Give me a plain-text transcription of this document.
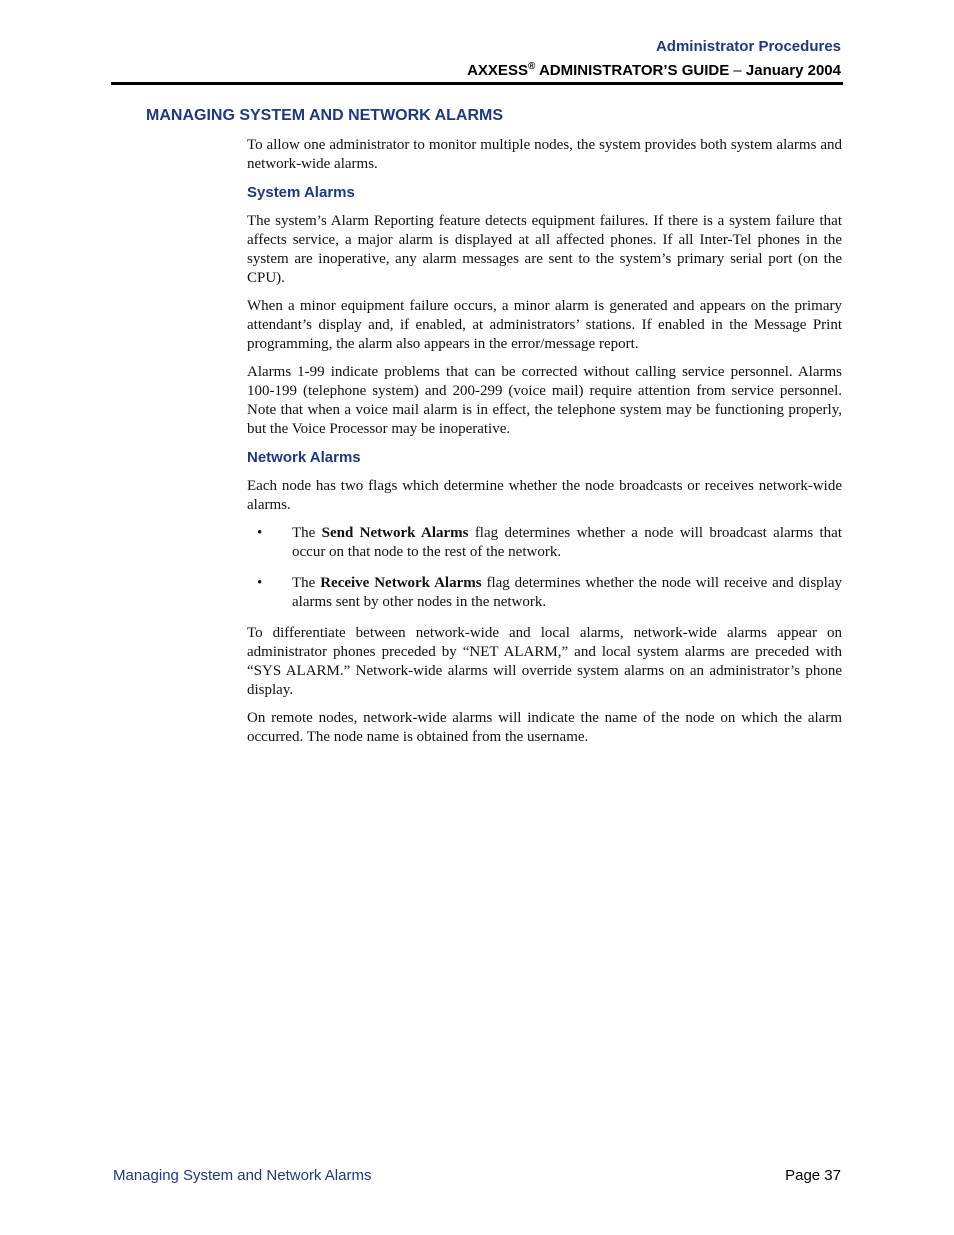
Administrator Procedures
AXXESS® ADMINISTRATOR’S GUIDE – January 2004
MANAGING SYSTEM AND NETWORK ALARMS

To allow one administrator to monitor multiple nodes, the system provides both system alarms and network-wide alarms.

System Alarms

The system’s Alarm Reporting feature detects equipment failures. If there is a system failure that affects service, a major alarm is displayed at all affected phones. If all Inter-Tel phones in the system are inoperative, any alarm messages are sent to the system’s primary serial port (on the CPU).

When a minor equipment failure occurs, a minor alarm is generated and appears on the primary attendant’s display and, if enabled, at administrators’ stations. If enabled in the Message Print programming, the alarm also appears in the error/message report.

Alarms 1-99 indicate problems that can be corrected without calling service personnel. Alarms 100-199 (telephone system) and 200-299 (voice mail) require attention from service personnel. Note that when a voice mail alarm is in effect, the telephone system may be functioning properly, but the Voice Processor may be inoperative.

Network Alarms

Each node has two flags which determine whether the node broadcasts or receives network-wide alarms.

• The Send Network Alarms flag determines whether a node will broadcast alarms that occur on that node to the rest of the network.
• The Receive Network Alarms flag determines whether the node will receive and display alarms sent by other nodes in the network.

To differentiate between network-wide and local alarms, network-wide alarms appear on administrator phones preceded by “NET ALARM,” and local system alarms are preceded with “SYS ALARM.” Network-wide alarms will override system alarms on an administrator’s phone display.

On remote nodes, network-wide alarms will indicate the name of the node on which the alarm occurred. The node name is obtained from the username.

Managing System and Network Alarms	Page 37
